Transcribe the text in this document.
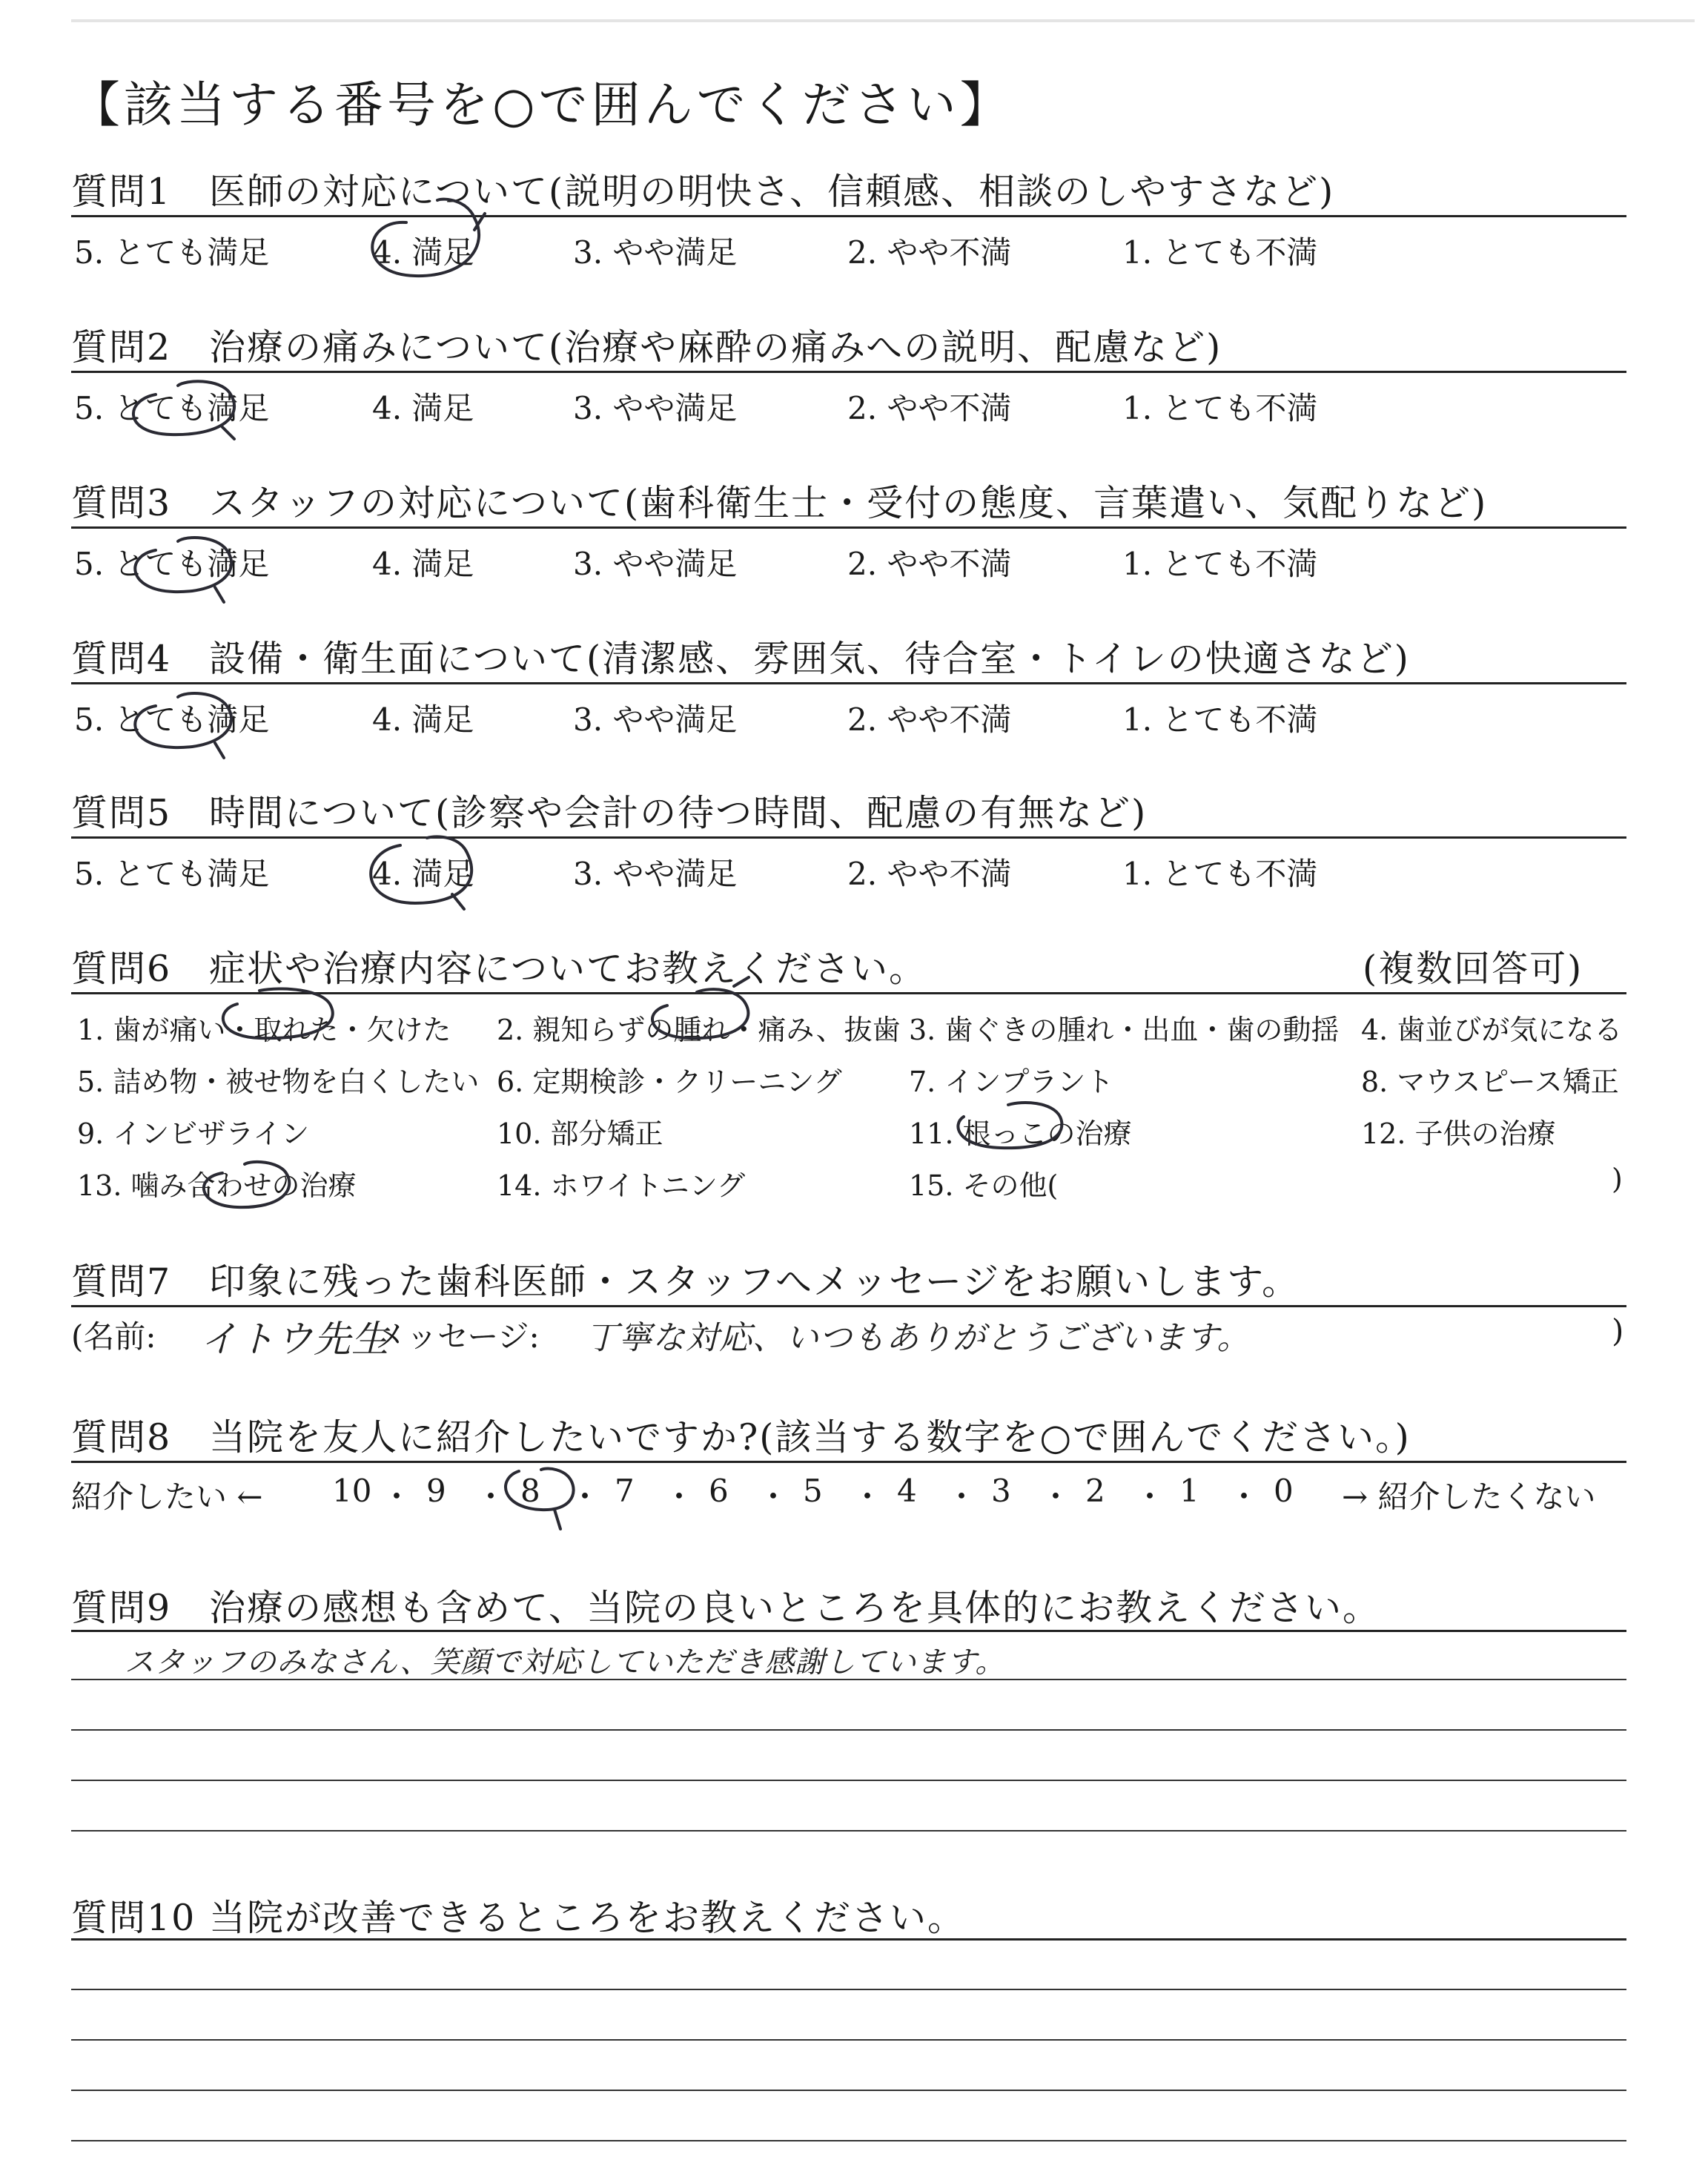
【該当する番号を○で囲んでください】
質問1 医師の対応について(説明の明快さ、信頼感、相談のしやすさなど)
5. とても満足	4. 満足	3. やや満足	2. やや不満	1. とても不満
質問2 治療の痛みについて(治療や麻酔の痛みへの説明、配慮など)
5. とても満足	4. 満足	3. やや満足	2. やや不満	1. とても不満
質問3 スタッフの対応について(歯科衛生士・受付の態度、言葉遣い、気配りなど)
5. とても満足	4. 満足	3. やや満足	2. やや不満	1. とても不満
質問4 設備・衛生面について(清潔感、雰囲気、待合室・トイレの快適さなど)
5. とても満足	4. 満足	3. やや満足	2. やや不満	1. とても不満
質問5 時間について(診察や会計の待つ時間、配慮の有無など)
5. とても満足	4. 満足	3. やや満足	2. やや不満	1. とても不満
質問6 症状や治療内容についてお教えください。	(複数回答可)
1. 歯が痛い・取れた・欠けた 2. 親知らずの腫れ・痛み、抜歯 3. 歯ぐきの腫れ・出血・歯の動揺 4. 歯並びが気になる
5. 詰め物・被せ物を白くしたい 6. 定期検診・クリーニング 7. インプラント	8. マウスピース矯正
9. インビザライン	10. 部分矯正	11. 根っこの治療	12. 子供の治療
13. 噛み合わせの治療	14. ホワイトニング	15. その他(	)
質問7 印象に残った歯科医師・スタッフへメッセージをお願いします。
(名前: イトウ先生
メッセージ: 丁寧な対応、いつもありがとうございます。	)
質問8 当院を友人に紹介したいですか?(該当する数字を○で囲んでください。)
紹介したい ←	→ 紹介したくない
10 ・ 9 ・ 8 ・ 7 ・ 6 ・ 5 ・ 4 ・ 3 ・ 2 ・ 1 ・ 0
質問9 治療の感想も含めて、当院の良いところを具体的にお教えください。
スタッフのみなさん、笑顔で対応していただき感謝しています。
質問10 当院が改善できるところをお教えください。
